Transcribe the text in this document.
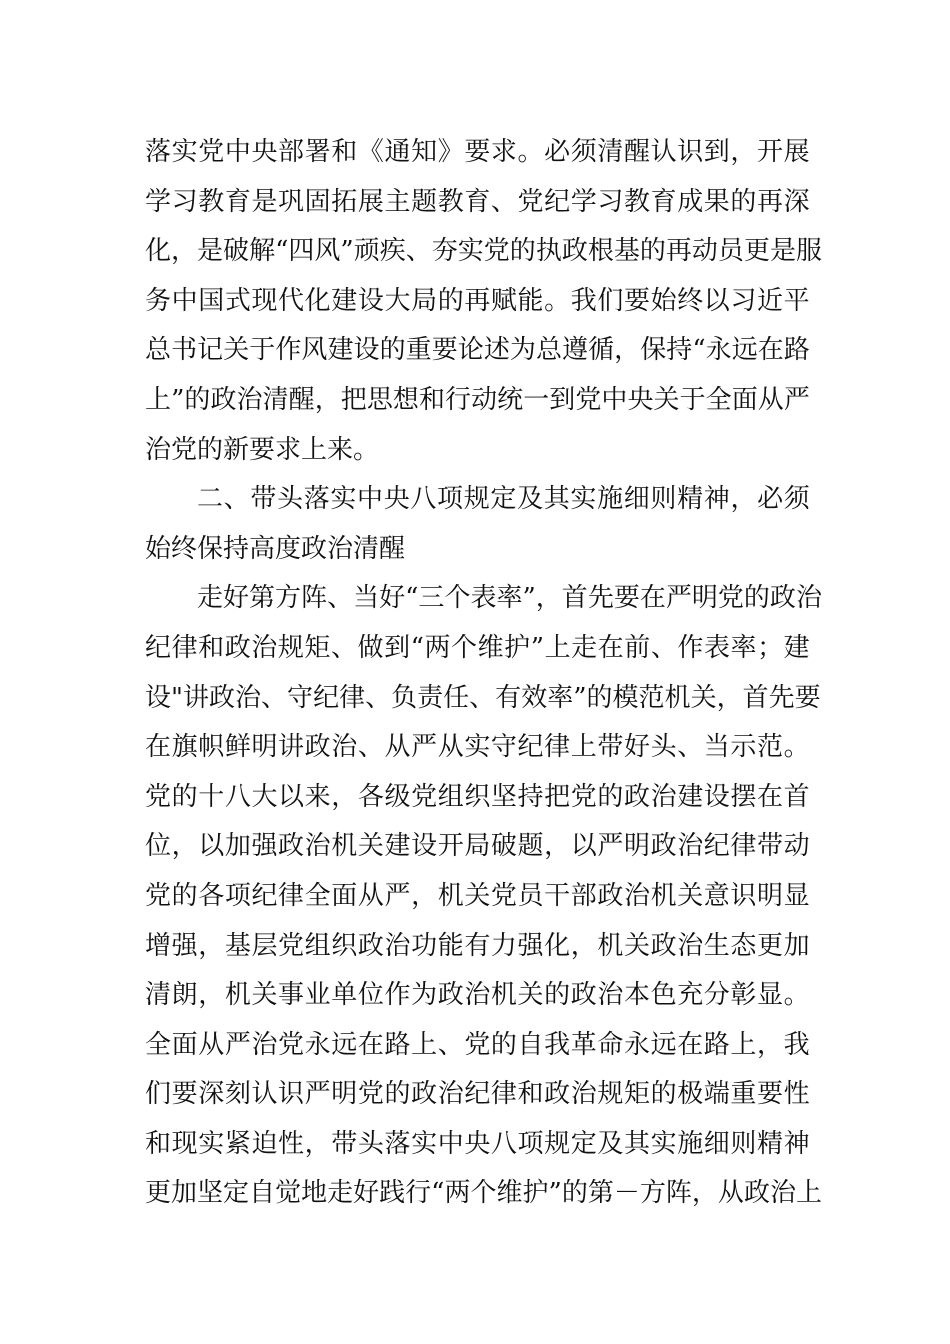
落 实 党 中 央 部 署 和 《 通 知 》 要 求 。 必 须 清 醒 认 识 到 ， 开 展
学 习 教 育 是 巩 固 拓 展 主 题 教 育 、 党 纪 学 习 教 育 成 果 的 再 深
化 ， 是 破 解 “ 四 风 ” 顽 疾 、 夯 实 党 的 执 政 根 基 的 再 动 员 更 是 服
务 中 国 式 现 代 化 建 设 大 局 的 再 赋 能 。 我 们 要 始 终 以 习 近 平
总 书 记 关 于 作 风 建 设 的 重 要 论 述 为 总 遵 循 ， 保 持 “ 永 远 在 路
上 ” 的 政 治 清 醒 ， 把 思 想 和 行 动 统 一 到 党 中 央 关 于 全 面 从 严
治党的新要求上来。
二 、 带 头 落 实 中 央 八 项 规 定 及 其 实 施 细 则 精 神 ， 必 须
始终保持高度政治清醒
走 好 第 方 阵 、 当 好 “ 三 个 表 率 ” ， 首 先 要 在 严 明 党 的 政 治
纪 律 和 政 治 规 矩 、 做 到 “ 两 个 维 护 ” 上 走 在 前 、 作 表 率 ； 建
设 " 讲 政 治 、 守 纪 律 、 负 责 任 、 有 效 率 ” 的 模 范 机 关 ， 首 先 要
在 旗 帜 鲜 明 讲 政 治 、 从 严 从 实 守 纪 律 上 带 好 头 、 当 示 范 。
党 的 十 八 大 以 来 ， 各 级 党 组 织 坚 持 把 党 的 政 治 建 设 摆 在 首
位 ， 以 加 强 政 治 机 关 建 设 开 局 破 题 ， 以 严 明 政 治 纪 律 带 动
党 的 各 项 纪 律 全 面 从 严 ， 机 关 党 员 干 部 政 治 机 关 意 识 明 显
增 强 ， 基 层 党 组 织 政 治 功 能 有 力 强 化 ， 机 关 政 治 生 态 更 加
清 朗 ， 机 关 事 业 单 位 作 为 政 治 机 关 的 政 治 本 色 充 分 彰 显 。
全 面 从 严 治 党 永 远 在 路 上 、 党 的 自 我 革 命 永 远 在 路 上 ， 我
们 要 深 刻 认 识 严 明 党 的 政 治 纪 律 和 政 治 规 矩 的 极 端 重 要 性
和 现 实 紧 迫 性 ， 带 头 落 实 中 央 八 项 规 定 及 其 实 施 细 则 精 神
更 加 坚 定 自 觉 地 走 好 践 行 “ 两 个 维 护 ” 的 第 － 方 阵 ， 从 政 治 上
